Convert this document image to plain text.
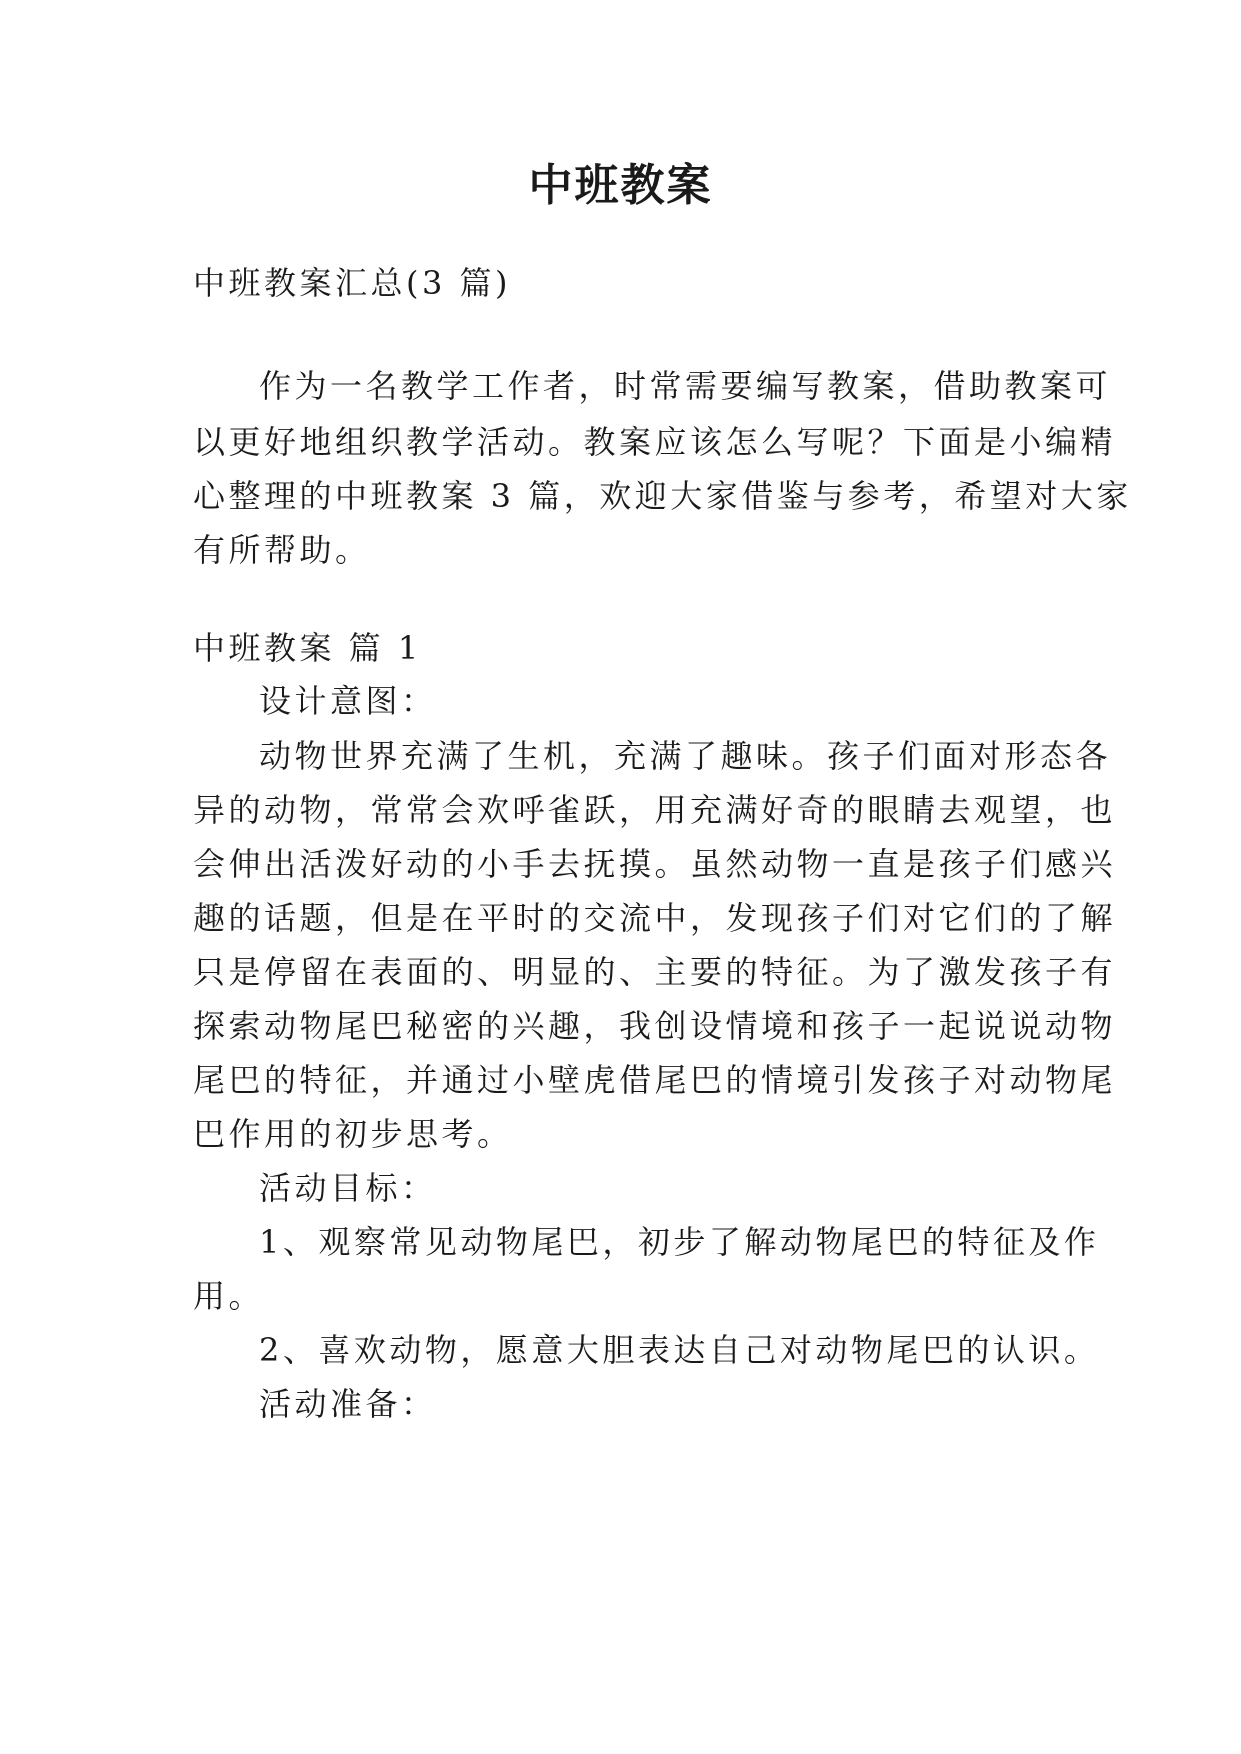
中班教案

中班教案汇总(3 篇)

作为一名教学工作者，时常需要编写教案，借助教案可

以更好地组织教学活动。教案应该怎么写呢？下面是小编精

心整理的中班教案 3 篇，欢迎大家借鉴与参考，希望对大家

有所帮助。

中班教案 篇 1

设计意图：

动物世界充满了生机，充满了趣味。孩子们面对形态各

异的动物，常常会欢呼雀跃，用充满好奇的眼睛去观望，也

会伸出活泼好动的小手去抚摸。虽然动物一直是孩子们感兴

趣的话题，但是在平时的交流中，发现孩子们对它们的了解

只是停留在表面的、明显的、主要的特征。为了激发孩子有

探索动物尾巴秘密的兴趣，我创设情境和孩子一起说说动物

尾巴的特征，并通过小壁虎借尾巴的情境引发孩子对动物尾

巴作用的初步思考。

活动目标：

1、观察常见动物尾巴，初步了解动物尾巴的特征及作

用。

2、喜欢动物，愿意大胆表达自己对动物尾巴的认识。

活动准备：
